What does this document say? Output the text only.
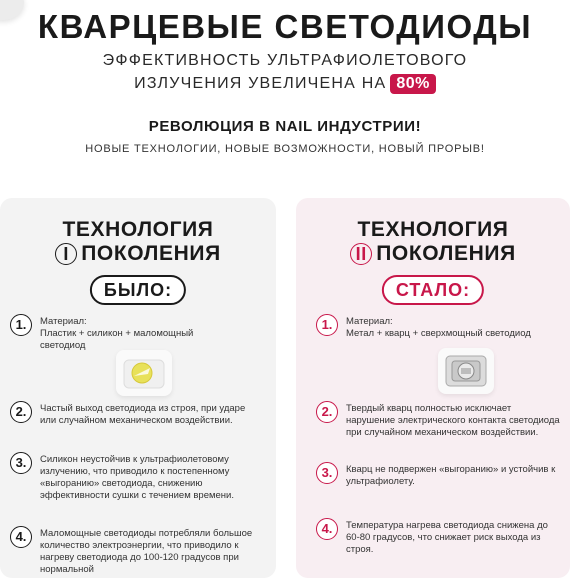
КВАРЦЕВЫЕ СВЕТОДИОДЫ
ЭФФЕКТИВНОСТЬ УЛЬТРАФИОЛЕТОВОГО
ИЗЛУЧЕНИЯ УВЕЛИЧЕНА НА 80%
РЕВОЛЮЦИЯ В NAIL ИНДУСТРИИ!
НОВЫЕ ТЕХНОЛОГИИ, НОВЫЕ ВОЗМОЖНОСТИ, НОВЫЙ ПРОРЫВ!
ТЕХНОЛОГИЯ
I ПОКОЛЕНИЯ
БЫЛО:
1.	Материал:
Пластик + силикон + маломощный светодиод
2.	Частый выход светодиода из строя, при ударе или случайном механическом воздействии.
3.	Силикон неустойчив к ультрафиолетовому излучению, что приводило к постепенному «выгоранию» светодиода, снижению эффективности сушки с течением времени.
4.	Маломощные светодиоды потребляли большое количество электроэнергии, что приводило к нагреву светодиода до 100-120 градусов при нормальной
ТЕХНОЛОГИЯ
II ПОКОЛЕНИЯ
СТАЛО:
1.	Материал:
Метал + кварц + сверхмощный светодиод
2.	Твердый кварц полностью исключает нарушение электрического контакта светодиода при случайном механическом воздействии.
3.	Кварц не подвержен «выгоранию» и устойчив к ультрафиолету.
4.	Температура нагрева светодиода снижена до 60-80 градусов, что снижает риск выхода из строя.
